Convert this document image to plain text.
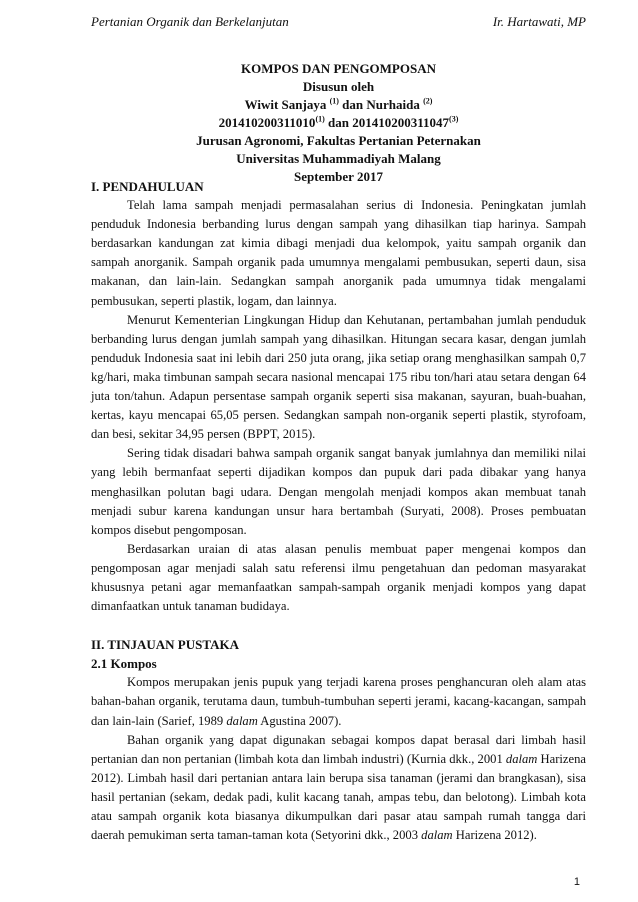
Pertanian Organik dan Berkelanjutan	Ir. Hartawati, MP
KOMPOS DAN PENGOMPOSAN
Disusun oleh
Wiwit Sanjaya $^{(1)}$ dan Nurhaida $^{(2)}$
201410200311010$^{(1)}$ dan 201410200311047$^{(3)}$
Jurusan Agronomi, Fakultas Pertanian Peternakan
Universitas Muhammadiyah Malang
September 2017
I. PENDAHULUAN

Telah lama sampah menjadi permasalahan serius di Indonesia. Peningkatan jumlah penduduk Indonesia berbanding lurus dengan sampah yang dihasilkan tiap harinya. Sampah berdasarkan kandungan zat kimia dibagi menjadi dua kelompok, yaitu sampah organik dan sampah anorganik. Sampah organik pada umumnya mengalami pembusukan, seperti daun, sisa makanan, dan lain-lain. Sedangkan sampah anorganik pada umumnya tidak mengalami pembusukan, seperti plastik, logam, dan lainnya.

Menurut Kementerian Lingkungan Hidup dan Kehutanan, pertambahan jumlah penduduk berbanding lurus dengan jumlah sampah yang dihasilkan. Hitungan secara kasar, dengan jumlah penduduk Indonesia saat ini lebih dari 250 juta orang, jika setiap orang menghasilkan sampah 0,7 kg/hari, maka timbunan sampah secara nasional mencapai 175 ribu ton/hari atau setara dengan 64 juta ton/tahun. Adapun persentase sampah organik seperti sisa makanan, sayuran, buah-buahan, kertas, kayu mencapai 65,05 persen. Sedangkan sampah non-organik seperti plastik, styrofoam, dan besi, sekitar 34,95 persen (BPPT, 2015).

Sering tidak disadari bahwa sampah organik sangat banyak jumlahnya dan memiliki nilai yang lebih bermanfaat seperti dijadikan kompos dan pupuk dari pada dibakar yang hanya menghasilkan polutan bagi udara. Dengan mengolah menjadi kompos akan membuat tanah menjadi subur karena kandungan unsur hara bertambah (Suryati, 2008). Proses pembuatan kompos disebut pengomposan.

Berdasarkan uraian di atas alasan penulis membuat paper mengenai kompos dan pengomposan agar menjadi salah satu referensi ilmu pengetahuan dan pedoman masyarakat khususnya petani agar memanfaatkan sampah-sampah organik menjadi kompos yang dapat dimanfaatkan untuk tanaman budidaya.

II. TINJAUAN PUSTAKA
2.1 Kompos

Kompos merupakan jenis pupuk yang terjadi karena proses penghancuran oleh alam atas bahan-bahan organik, terutama daun, tumbuh-tumbuhan seperti jerami, kacang-kacangan, sampah dan lain-lain (Sarief, 1989 dalam Agustina 2007).

Bahan organik yang dapat digunakan sebagai kompos dapat berasal dari limbah hasil pertanian dan non pertanian (limbah kota dan limbah industri) (Kurnia dkk., 2001 dalam Harizena 2012). Limbah hasil dari pertanian antara lain berupa sisa tanaman (jerami dan brangkasan), sisa hasil pertanian (sekam, dedak padi, kulit kacang tanah, ampas tebu, dan belotong). Limbah kota atau sampah organik kota biasanya dikumpulkan dari pasar atau sampah rumah tangga dari daerah pemukiman serta taman-taman kota (Setyorini dkk., 2003 dalam Harizena 2012).

1
